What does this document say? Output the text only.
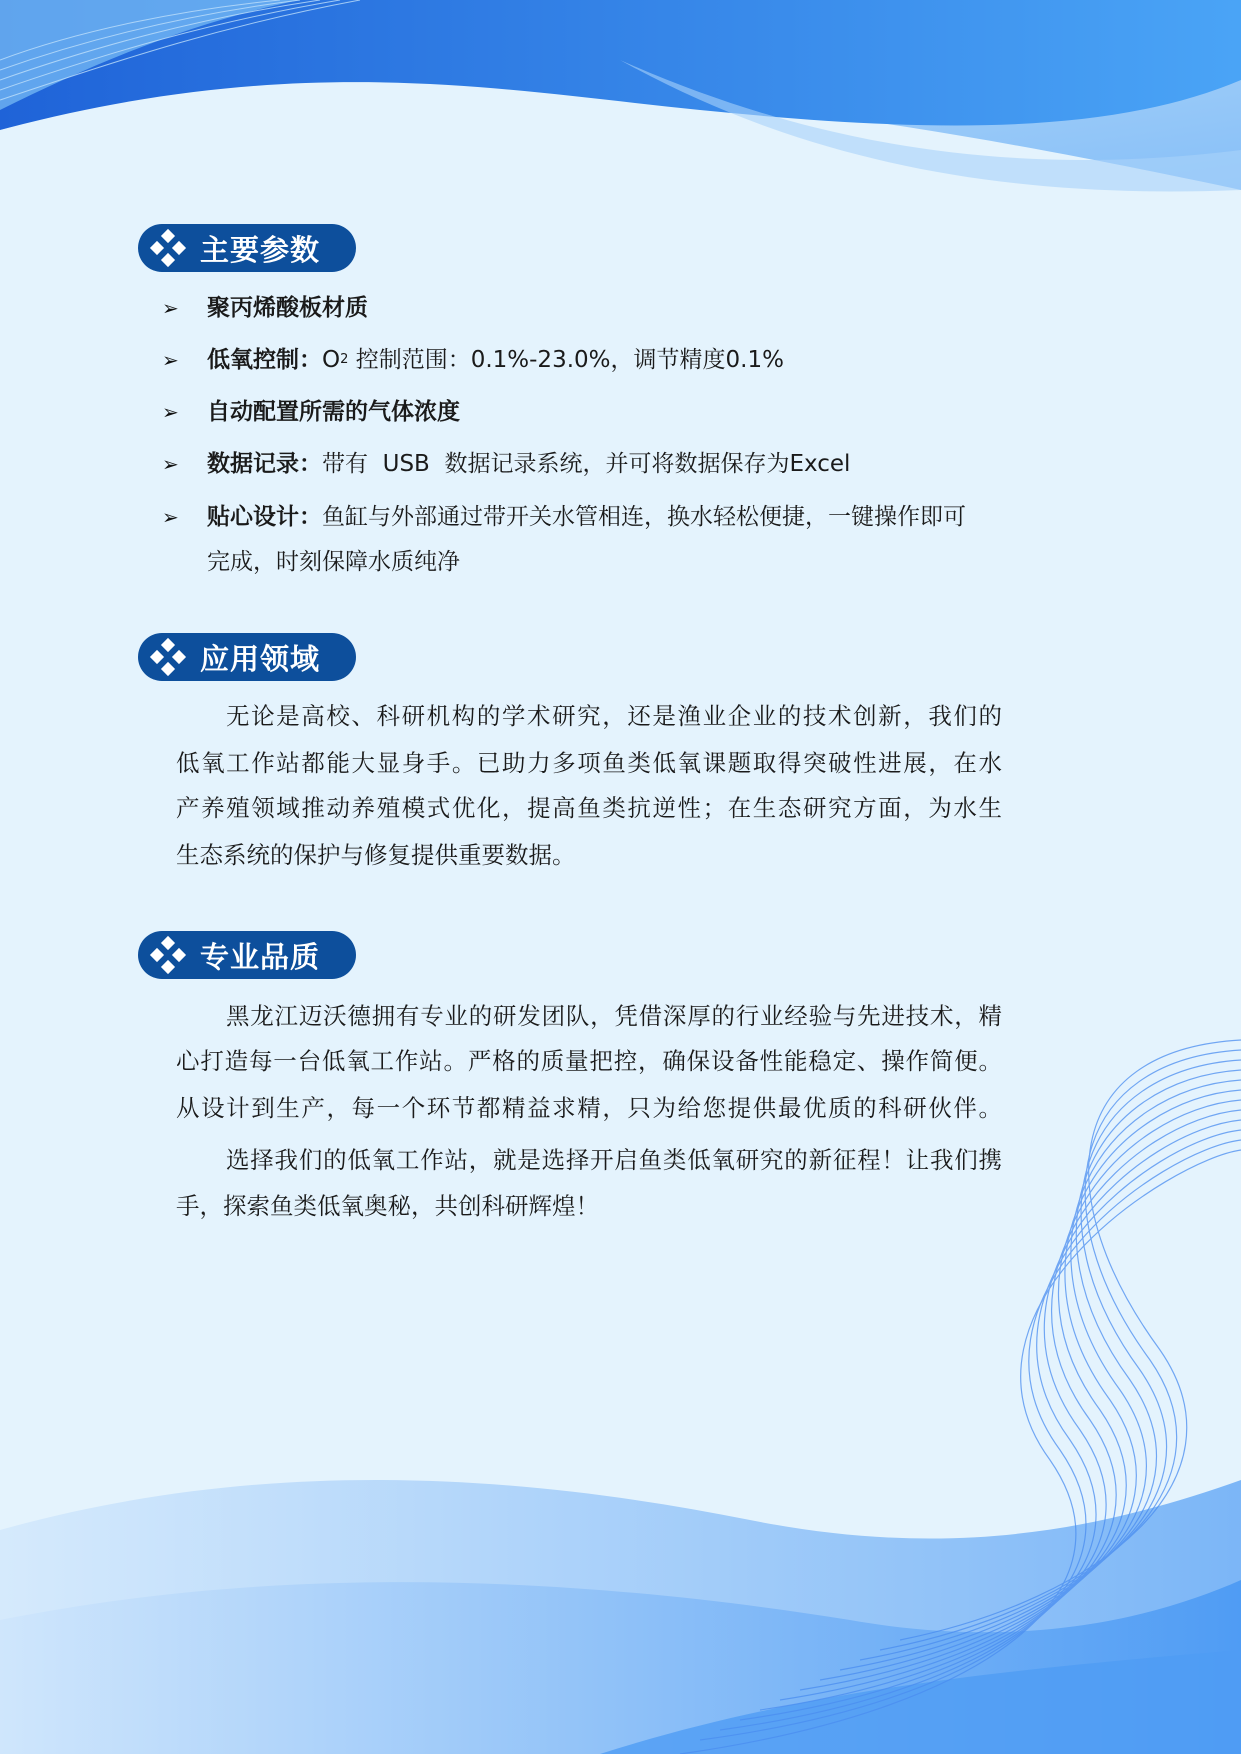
主要参数
➢	聚丙烯酸板材质
➢	低氧控制： O 2 控制范围：0.1%-23.0%，调节精度0.1%
➢	自动配置所需的气体浓度
➢	数据记录： 带有  USB  数据记录系统，并可将数据保存为Excel
➢	贴心设计： 鱼缸与外部通过带开关水管相连，换水轻松便捷，一键操作即可
完成，时刻保障水质纯净
应用领域
无论是高校、科研机构的学术研究，还是渔业企业的技术创新，我们的
低氧工作站都能大显身手。已助力多项鱼类低氧课题取得突破性进展，在水
产养殖领域推动养殖模式优化，提高鱼类抗逆性；在生态研究方面，为水生
生态系统的保护与修复提供重要数据。
专业品质
黑龙江迈沃德拥有专业的研发团队，凭借深厚的行业经验与先进技术，精
心打造每一台低氧工作站。严格的质量把控，确保设备性能稳定、操作简便。
从设计到生产，每一个环节都精益求精，只为给您提供最优质的科研伙伴。
选择我们的低氧工作站，就是选择开启鱼类低氧研究的新征程！让我们携
手，探索鱼类低氧奥秘，共创科研辉煌！
